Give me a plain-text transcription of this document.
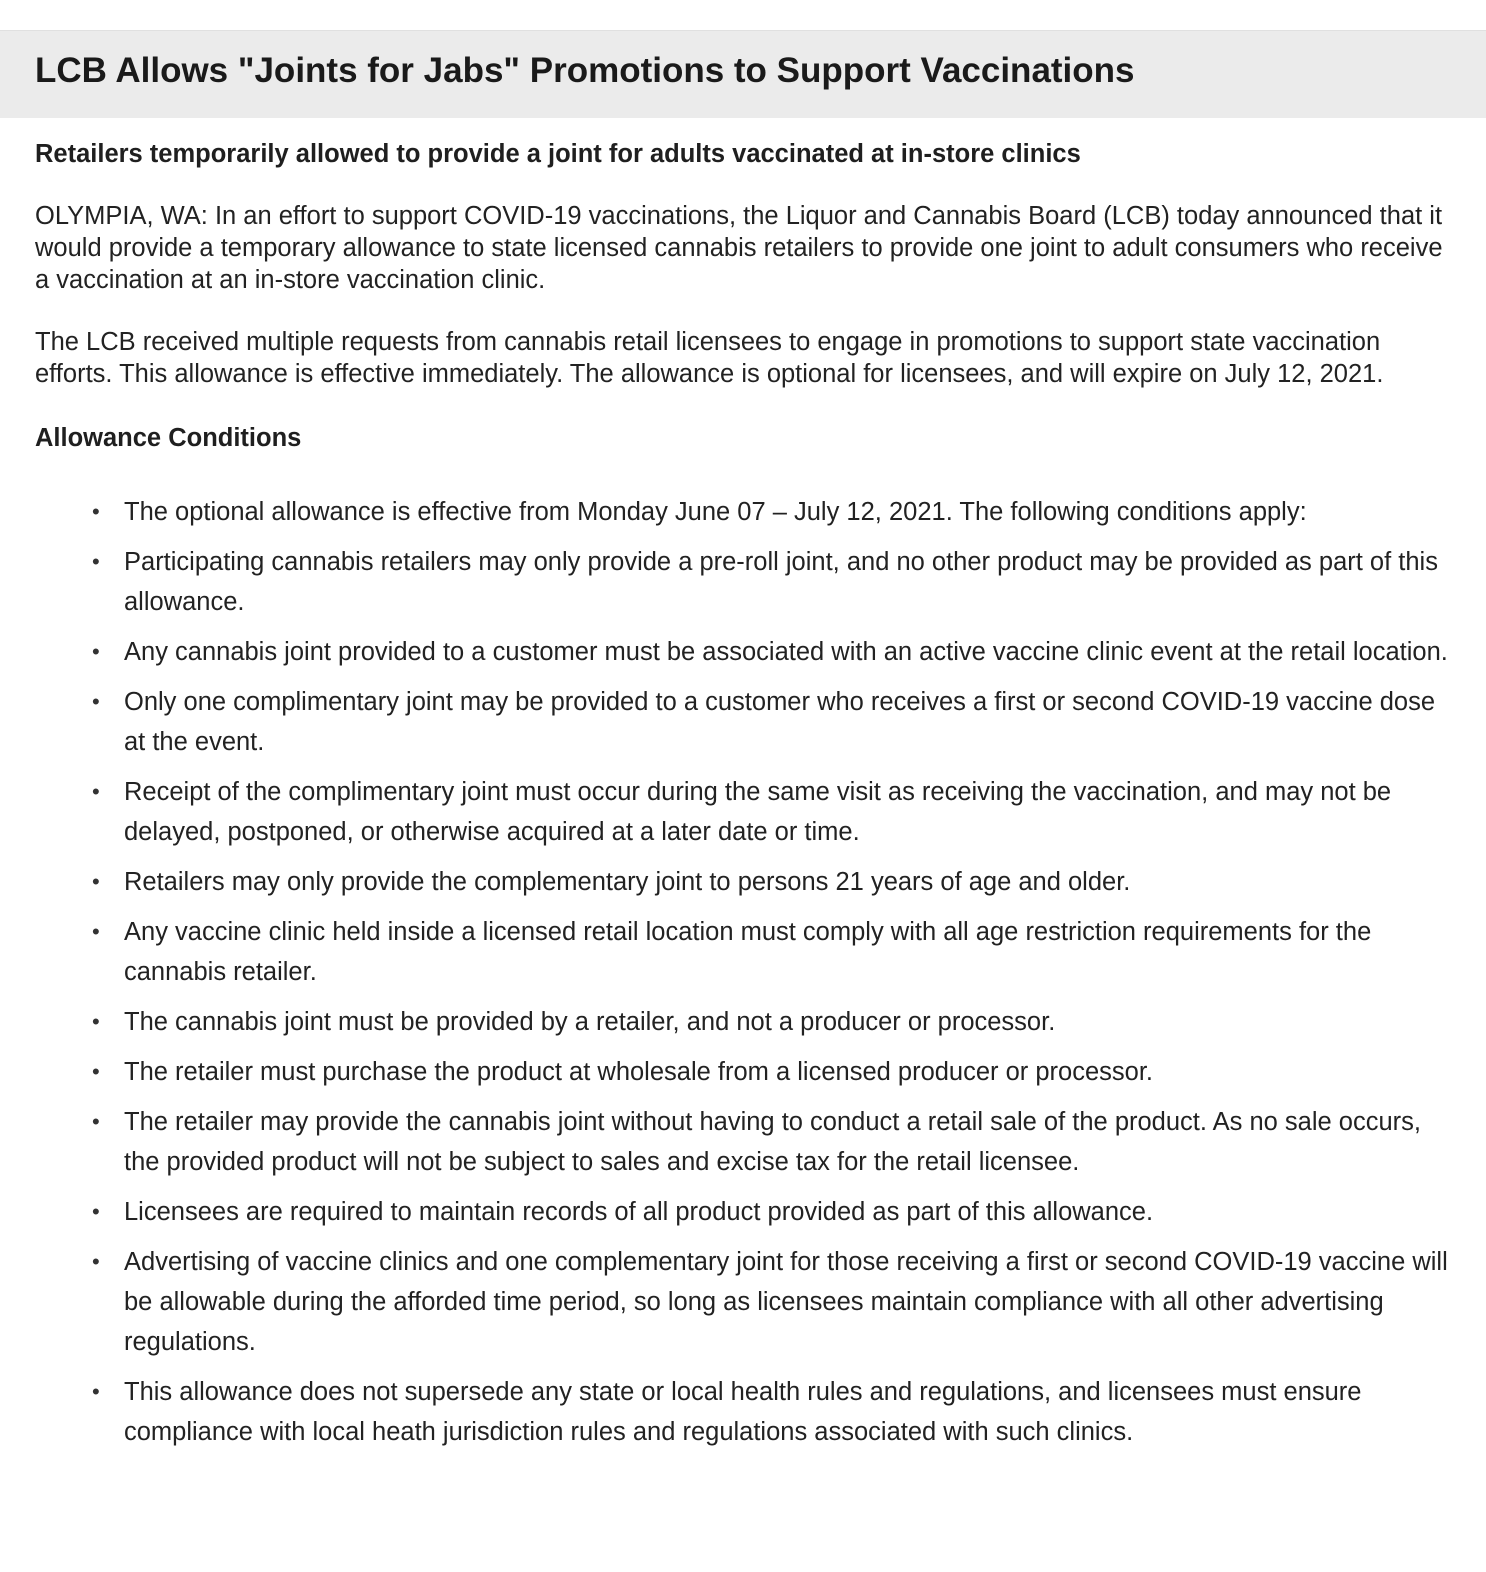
LCB Allows "Joints for Jabs" Promotions to Support Vaccinations
Retailers temporarily allowed to provide a joint for adults vaccinated at in-store clinics

OLYMPIA, WA: In an effort to support COVID-19 vaccinations, the Liquor and Cannabis Board (LCB) today announced that it would provide a temporary allowance to state licensed cannabis retailers to provide one joint to adult consumers who receive a vaccination at an in-store vaccination clinic.

The LCB received multiple requests from cannabis retail licensees to engage in promotions to support state vaccination efforts. This allowance is effective immediately. The allowance is optional for licensees, and will expire on July 12, 2021.

Allowance Conditions
• The optional allowance is effective from Monday June 07 – July 12, 2021. The following conditions apply:
• Participating cannabis retailers may only provide a pre-roll joint, and no other product may be provided as part of this allowance.
• Any cannabis joint provided to a customer must be associated with an active vaccine clinic event at the retail location.
• Only one complimentary joint may be provided to a customer who receives a first or second COVID-19 vaccine dose at the event.
• Receipt of the complimentary joint must occur during the same visit as receiving the vaccination, and may not be delayed, postponed, or otherwise acquired at a later date or time.
• Retailers may only provide the complementary joint to persons 21 years of age and older.
• Any vaccine clinic held inside a licensed retail location must comply with all age restriction requirements for the cannabis retailer.
• The cannabis joint must be provided by a retailer, and not a producer or processor.
• The retailer must purchase the product at wholesale from a licensed producer or processor.
• The retailer may provide the cannabis joint without having to conduct a retail sale of the product. As no sale occurs, the provided product will not be subject to sales and excise tax for the retail licensee.
• Licensees are required to maintain records of all product provided as part of this allowance.
• Advertising of vaccine clinics and one complementary joint for those receiving a first or second COVID-19 vaccine will be allowable during the afforded time period, so long as licensees maintain compliance with all other advertising regulations.
• This allowance does not supersede any state or local health rules and regulations, and licensees must ensure compliance with local heath jurisdiction rules and regulations associated with such clinics.
